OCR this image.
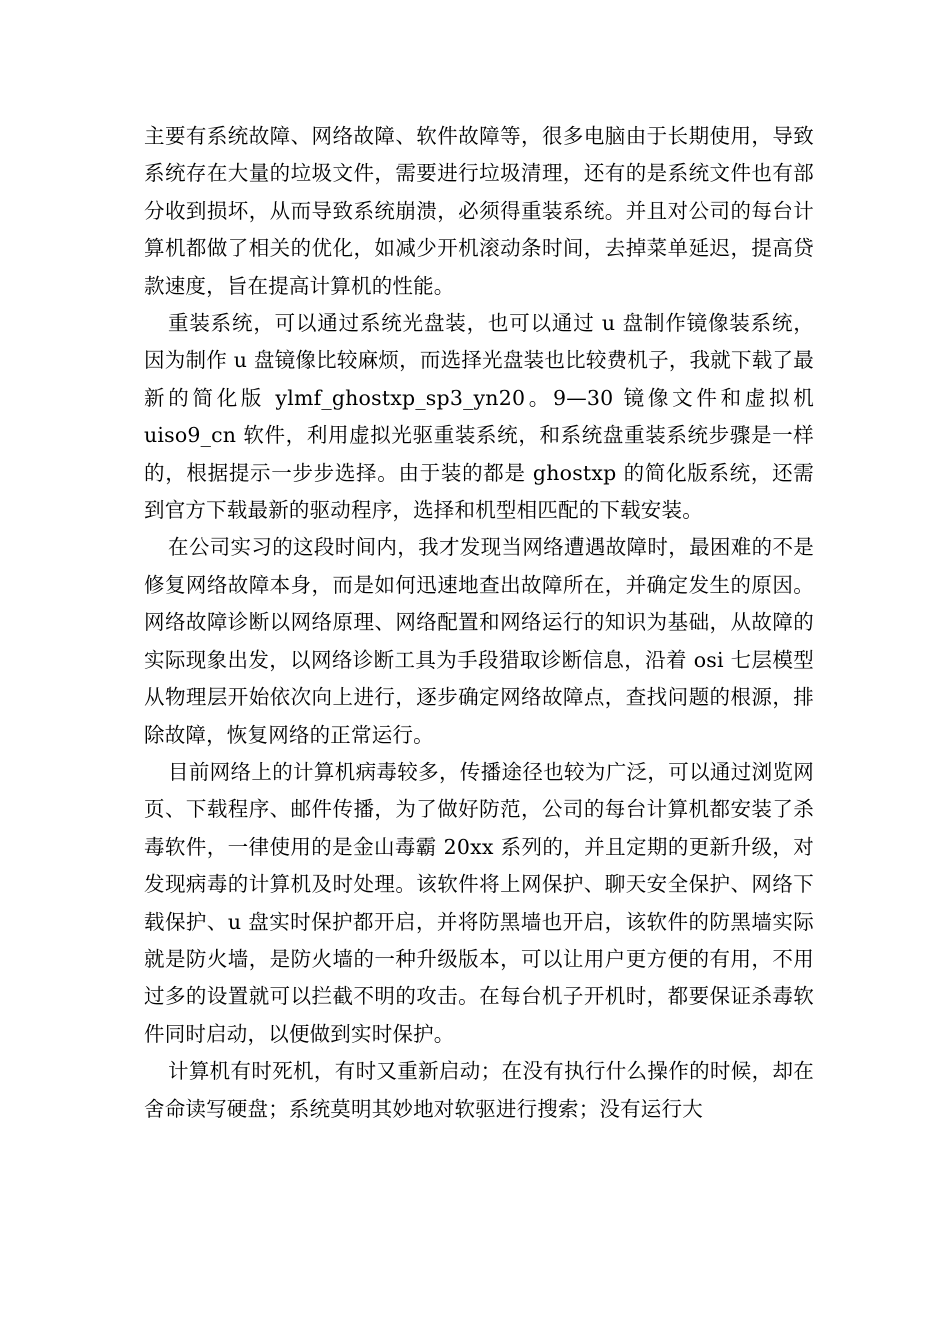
主要有系统故障、网络故障、软件故障等，很多电脑由于长期使用，导致系统存在大量的垃圾文件，需要进行垃圾清理，还有的是系统文件也有部分收到损坏，从而导致系统崩溃，必须得重装系统。并且对公司的每台计算机都做了相关的优化，如减少开机滚动条时间，去掉菜单延迟，提高贷款速度，旨在提高计算机的性能。

重装系统，可以通过系统光盘装，也可以通过 u 盘制作镜像装系统，因为制作 u 盘镜像比较麻烦，而选择光盘装也比较费机子，我就下载了最新的简化版 ylmf_ghostxp_sp3_yn20。9—30 镜像文件和虚拟机 uiso9_cn 软件，利用虚拟光驱重装系统，和系统盘重装系统步骤是一样的，根据提示一步步选择。由于装的都是 ghostxp 的简化版系统，还需到官方下载最新的驱动程序，选择和机型相匹配的下载安装。

在公司实习的这段时间内，我才发现当网络遭遇故障时，最困难的不是修复网络故障本身，而是如何迅速地查出故障所在，并确定发生的原因。网络故障诊断以网络原理、网络配置和网络运行的知识为基础，从故障的实际现象出发，以网络诊断工具为手段猎取诊断信息，沿着 osi 七层模型从物理层开始依次向上进行，逐步确定网络故障点，查找问题的根源，排除故障，恢复网络的正常运行。

目前网络上的计算机病毒较多，传播途径也较为广泛，可以通过浏览网页、下载程序、邮件传播，为了做好防范，公司的每台计算机都安装了杀毒软件，一律使用的是金山毒霸 20xx 系列的，并且定期的更新升级，对发现病毒的计算机及时处理。该软件将上网保护、聊天安全保护、网络下载保护、u 盘实时保护都开启，并将防黑墙也开启，该软件的防黑墙实际就是防火墙，是防火墙的一种升级版本，可以让用户更方便的有用，不用过多的设置就可以拦截不明的攻击。在每台机子开机时，都要保证杀毒软件同时启动，以便做到实时保护。

计算机有时死机，有时又重新启动；在没有执行什么操作的时候，却在舍命读写硬盘；系统莫明其妙地对软驱进行搜索；没有运行大
